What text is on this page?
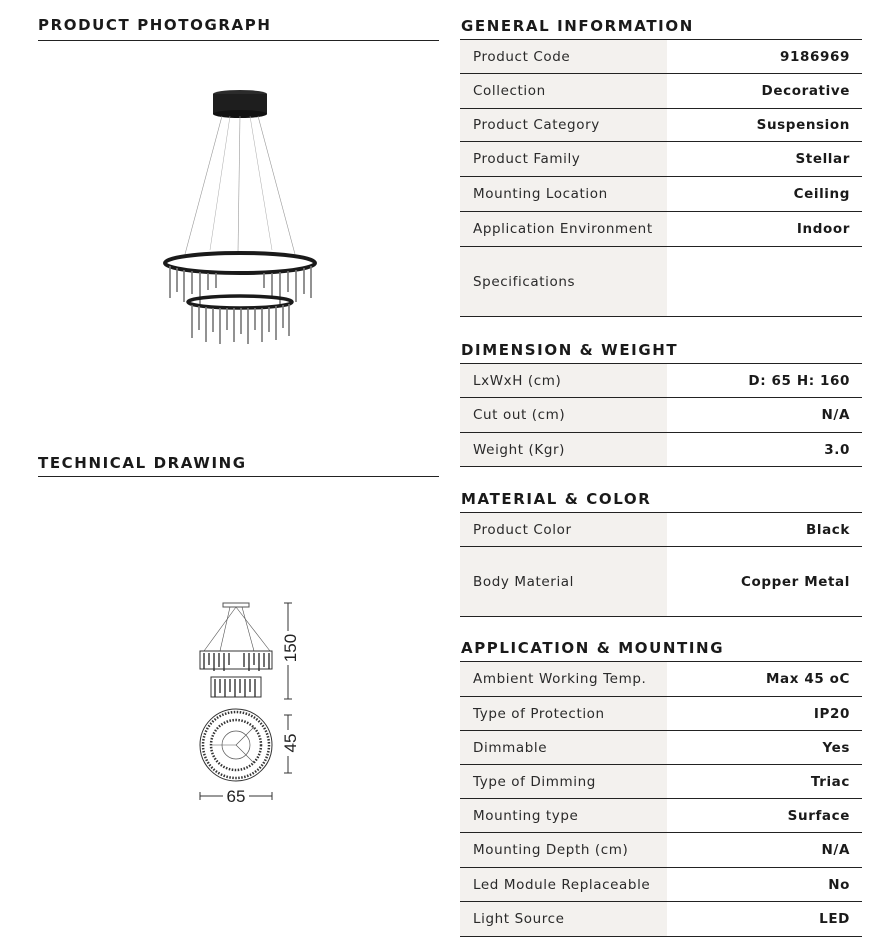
PRODUCT PHOTOGRAPH
TECHNICAL DRAWING
150
45
65
GENERAL INFORMATION
Product Code	9186969
Collection	Decorative
Product Category	Suspension
Product Family	Stellar
Mounting Location	Ceiling
Application Environment	Indoor
Specifications
DIMENSION & WEIGHT
LxWxH (cm)	D: 65 H: 160
Cut out (cm)	N/A
Weight (Kgr)	3.0
MATERIAL & COLOR
Product Color	Black
Body Material	Copper Metal
APPLICATION & MOUNTING
Ambient Working Temp.	Max 45 oC
Type of Protection	IP20
Dimmable	Yes
Type of Dimming	Triac
Mounting type	Surface
Mounting Depth (cm)	N/A
Led Module Replaceable	No
Light Source	LED
